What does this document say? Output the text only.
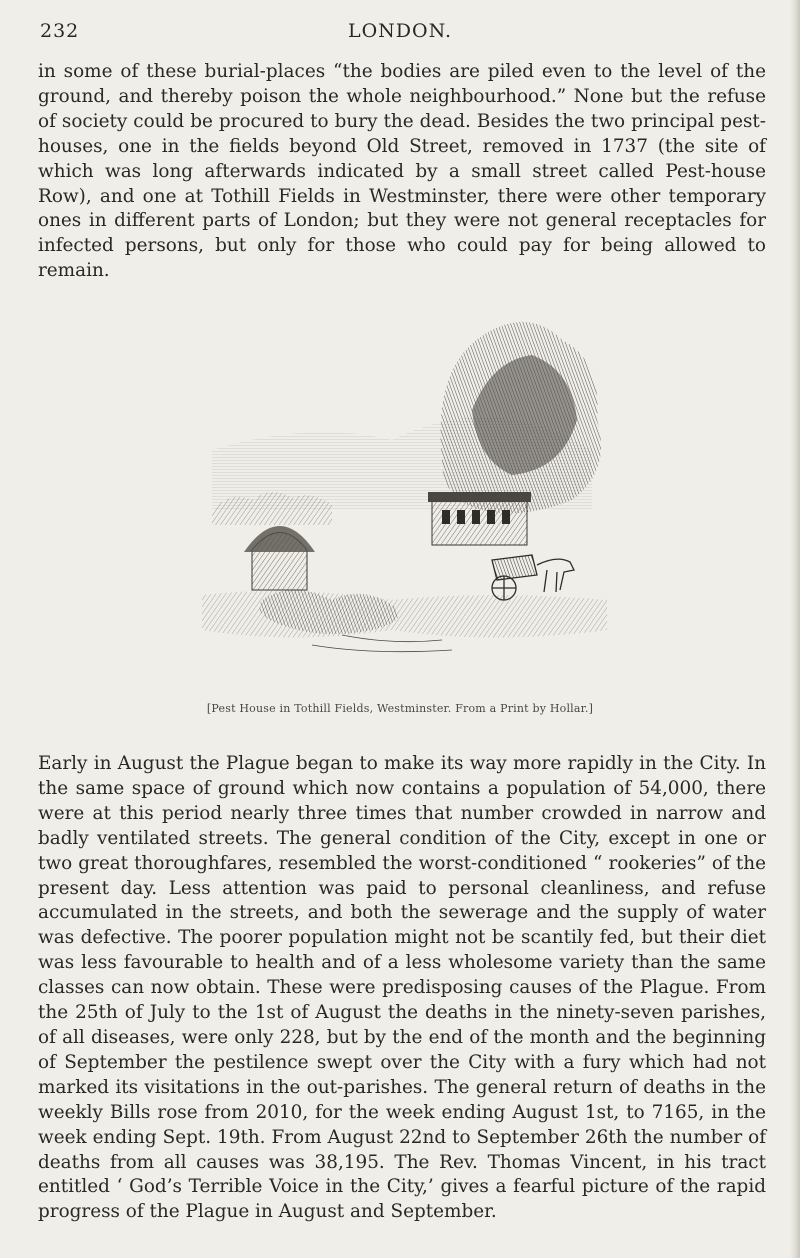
232	LONDON.

in some of these burial-places “the bodies are piled even to the level of the ground, and thereby poison the whole neighbourhood.” None but the refuse of society could be procured to bury the dead. Besides the two principal pest-houses, one in the fields beyond Old Street, removed in 1737 (the site of which was long afterwards indicated by a small street called Pest-house Row), and one at Tothill Fields in Westminster, there were other temporary ones in different parts of London; but they were not general receptacles for infected persons, but only for those who could pay for being allowed to remain.

[Pest House in Tothill Fields, Westminster. From a Print by Hollar.]

Early in August the Plague began to make its way more rapidly in the City. In the same space of ground which now contains a population of 54,000, there were at this period nearly three times that number crowded in narrow and badly ventilated streets. The general condition of the City, except in one or two great thoroughfares, resembled the worst-conditioned “ rookeries” of the present day. Less attention was paid to personal cleanliness, and refuse accumulated in the streets, and both the sewerage and the supply of water was defective. The poorer population might not be scantily fed, but their diet was less favourable to health and of a less wholesome variety than the same classes can now obtain. These were predisposing causes of the Plague. From the 25th of July to the 1st of August the deaths in the ninety-seven parishes, of all diseases, were only 228, but by the end of the month and the beginning of September the pestilence swept over the City with a fury which had not marked its visitations in the out-parishes. The general return of deaths in the weekly Bills rose from 2010, for the week ending August 1st, to 7165, in the week ending Sept. 19th. From August 22nd to September 26th the number of deaths from all causes was 38,195. The Rev. Thomas Vincent, in his tract entitled ‘ God’s Terrible Voice in the City,’ gives a fearful picture of the rapid progress of the Plague in August and September.
